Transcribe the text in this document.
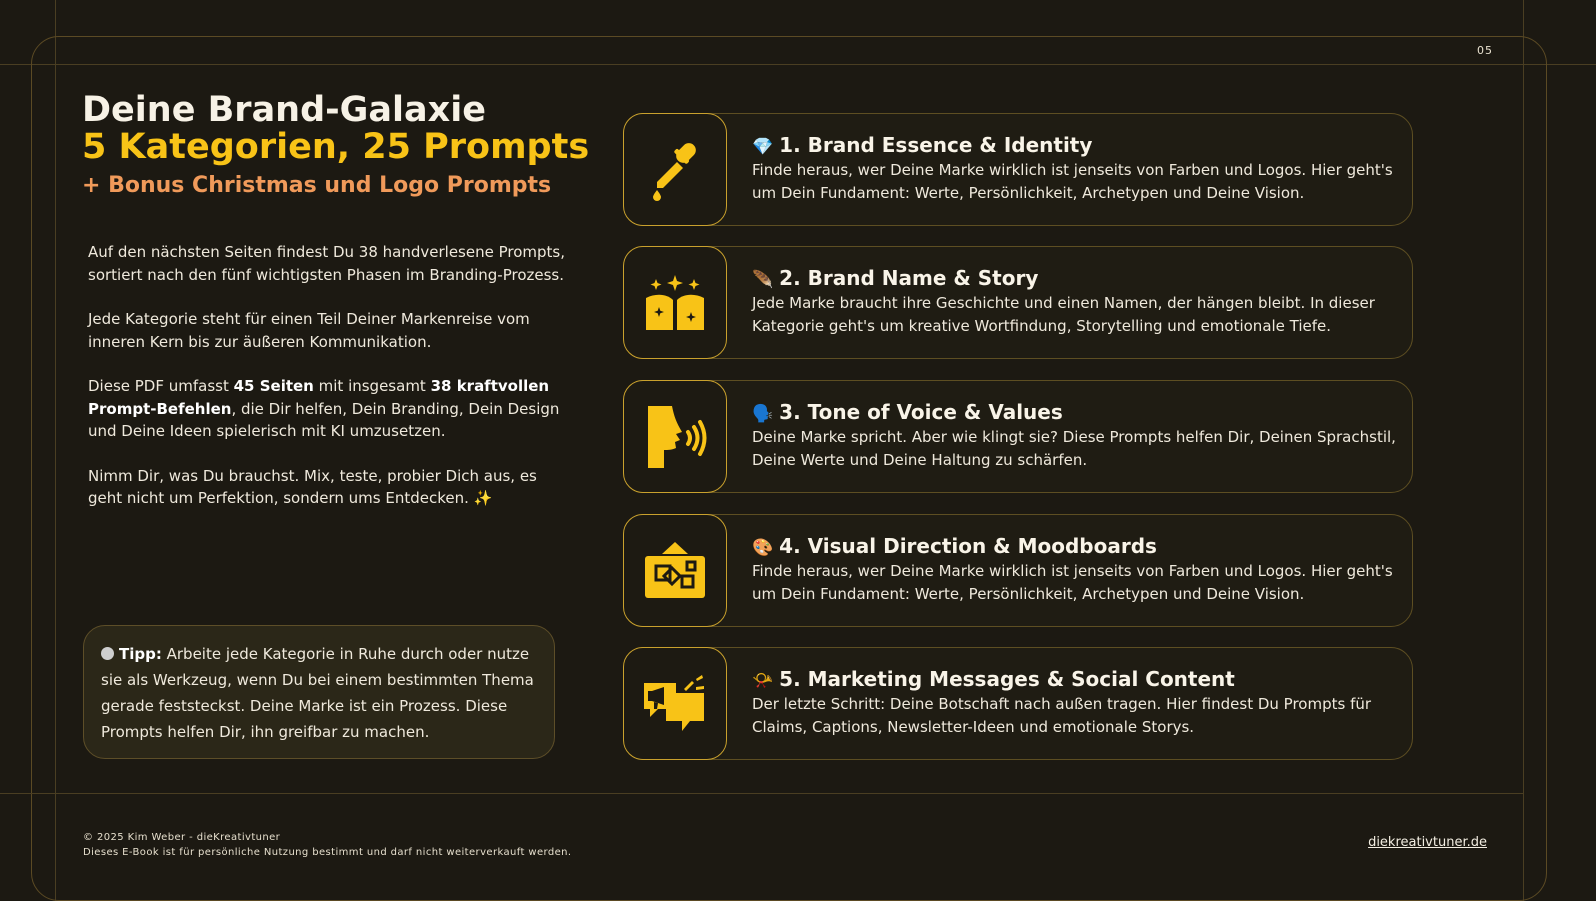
05
Deine Brand-Galaxie
5 Kategorien, 25 Prompts
+ Bonus Christmas und Logo Prompts

Auf den nächsten Seiten findest Du 38 handverlesene Prompts, sortiert nach den fünf wichtigsten Phasen im Branding-Prozess.

Jede Kategorie steht für einen Teil Deiner Markenreise vom inneren Kern bis zur äußeren Kommunikation.

Diese PDF umfasst 45 Seiten mit insgesamt 38 kraftvollen Prompt-Befehlen, die Dir helfen, Dein Branding, Dein Design und Deine Ideen spielerisch mit KI umzusetzen.

Nimm Dir, was Du brauchst. Mix, teste, probier Dich aus, es geht nicht um Perfektion, sondern ums Entdecken. ✨

Tipp: Arbeite jede Kategorie in Ruhe durch oder nutze sie als Werkzeug, wenn Du bei einem bestimmten Thema gerade feststeckst. Deine Marke ist ein Prozess. Diese Prompts helfen Dir, ihn greifbar zu machen.
💎 1. Brand Essence & Identity
Finde heraus, wer Deine Marke wirklich ist jenseits von Farben und Logos. Hier geht's um Dein Fundament: Werte, Persönlichkeit, Archetypen und Deine Vision.
🪶 2. Brand Name & Story
Jede Marke braucht ihre Geschichte und einen Namen, der hängen bleibt. In dieser Kategorie geht's um kreative Wortfindung, Storytelling und emotionale Tiefe.
🗣️ 3. Tone of Voice & Values
Deine Marke spricht. Aber wie klingt sie? Diese Prompts helfen Dir, Deinen Sprachstil, Deine Werte und Deine Haltung zu schärfen.
🎨 4. Visual Direction & Moodboards
Finde heraus, wer Deine Marke wirklich ist jenseits von Farben und Logos. Hier geht's um Dein Fundament: Werte, Persönlichkeit, Archetypen und Deine Vision.
📯 5. Marketing Messages & Social Content
Der letzte Schritt: Deine Botschaft nach außen tragen. Hier findest Du Prompts für Claims, Captions, Newsletter-Ideen und emotionale Storys.
© 2025 Kim Weber - dieKreativtuner
Dieses E-Book ist für persönliche Nutzung bestimmt und darf nicht weiterverkauft werden.
diekreativtuner.de
